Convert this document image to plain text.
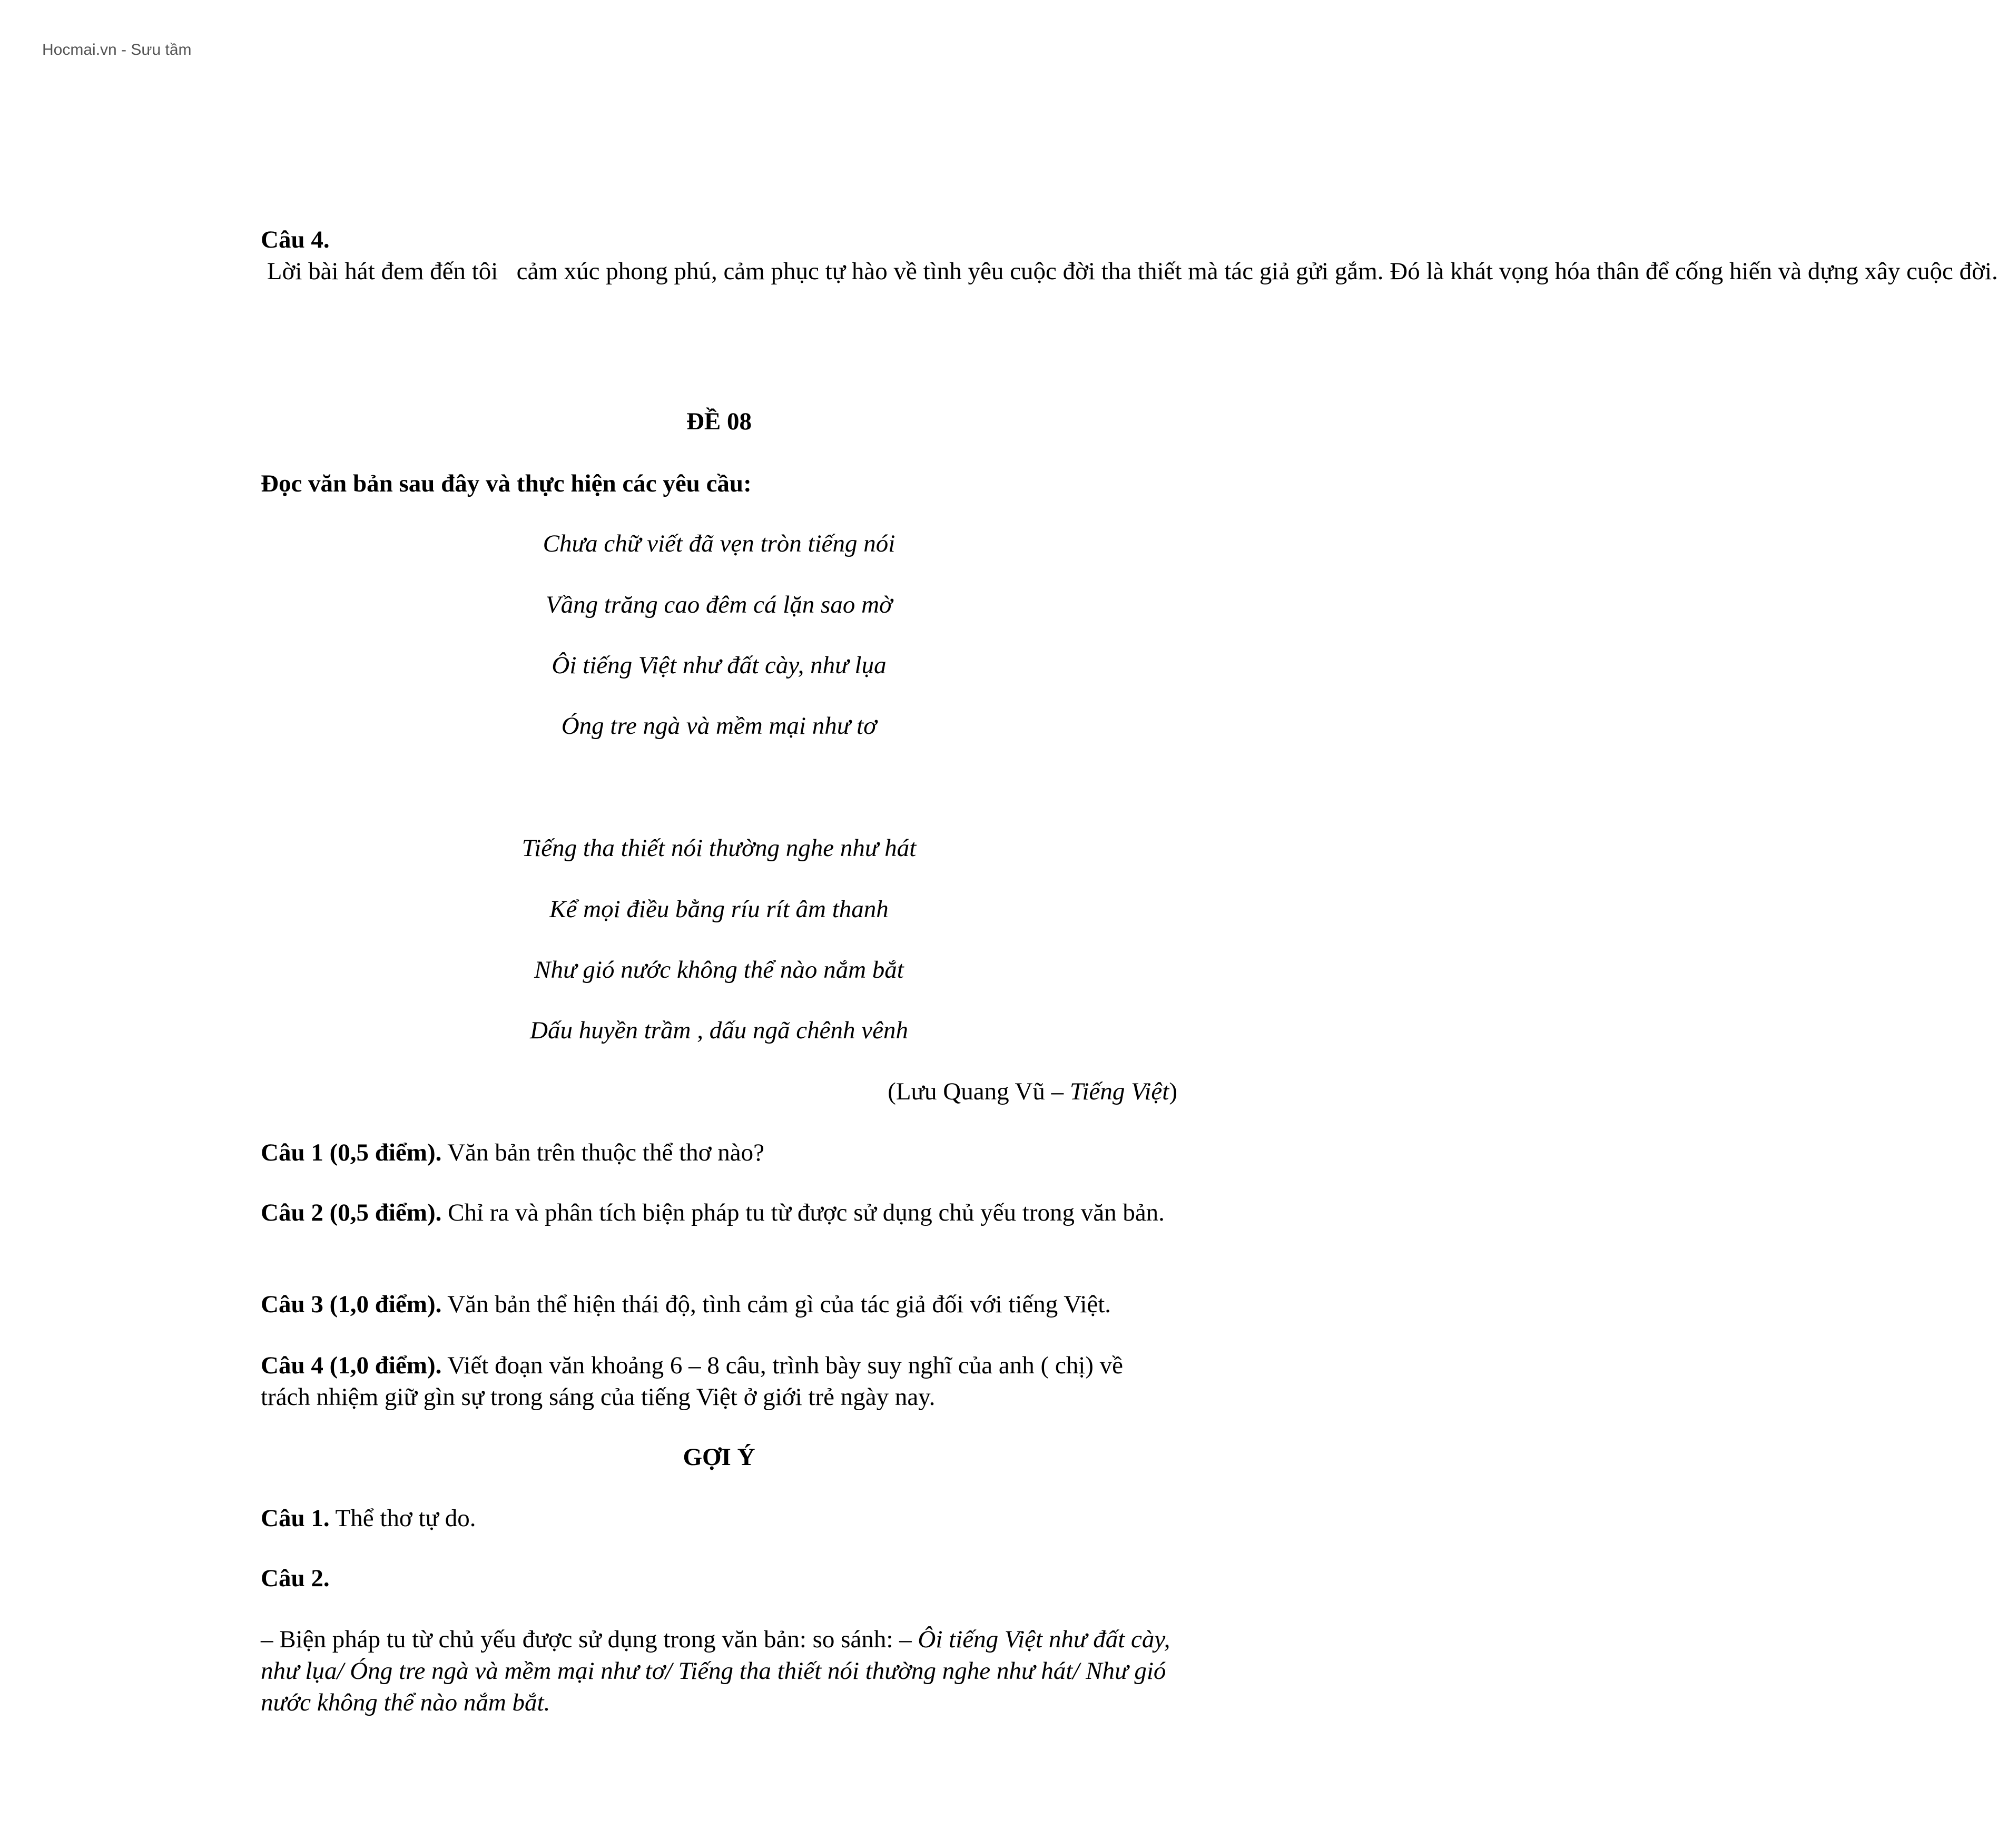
Hocmai.vn - Sưu tầm

Câu 4. Lời bài hát đem đến tôi   cảm xúc phong phú, cảm phục tự hào về tình yêu cuộc đời tha thiết mà tác giả gửi gắm. Đó là khát vọng hóa thân để cống hiến và dựng xây cuộc đời.

ĐỀ 08

Đọc văn bản sau đây và thực hiện các yêu cầu:

Chưa chữ viết đã vẹn tròn tiếng nói

Vầng trăng cao đêm cá lặn sao mờ

Ôi tiếng Việt như đất cày, như lụa

Óng tre ngà và mềm mại như tơ

Tiếng tha thiết nói thường nghe như hát

Kể mọi điều bằng ríu rít âm thanh

Như gió nước không thể nào nắm bắt

Dấu huyền trầm , dấu ngã chênh vênh

(Lưu Quang Vũ – Tiếng Việt)

Câu 1 (0,5 điểm). Văn bản trên thuộc thể thơ nào?

Câu 2 (0,5 điểm). Chỉ ra và phân tích biện pháp tu từ được sử dụng chủ yếu trong văn bản.

Câu 3 (1,0 điểm). Văn bản thể hiện thái độ, tình cảm gì của tác giả đối với tiếng Việt.

Câu 4 (1,0 điểm). Viết đoạn văn khoảng 6 – 8 câu, trình bày suy nghĩ của anh ( chị) về trách nhiệm giữ gìn sự trong sáng của tiếng Việt ở giới trẻ ngày nay.

GỢI Ý

Câu 1. Thể thơ tự do.

Câu 2.

– Biện pháp tu từ chủ yếu được sử dụng trong văn bản: so sánh: – Ôi tiếng Việt như đất cày, như lụa/ Óng tre ngà và mềm mại như tơ/ Tiếng tha thiết nói thường nghe như hát/ Như gió nước không thể nào nắm bắt.
